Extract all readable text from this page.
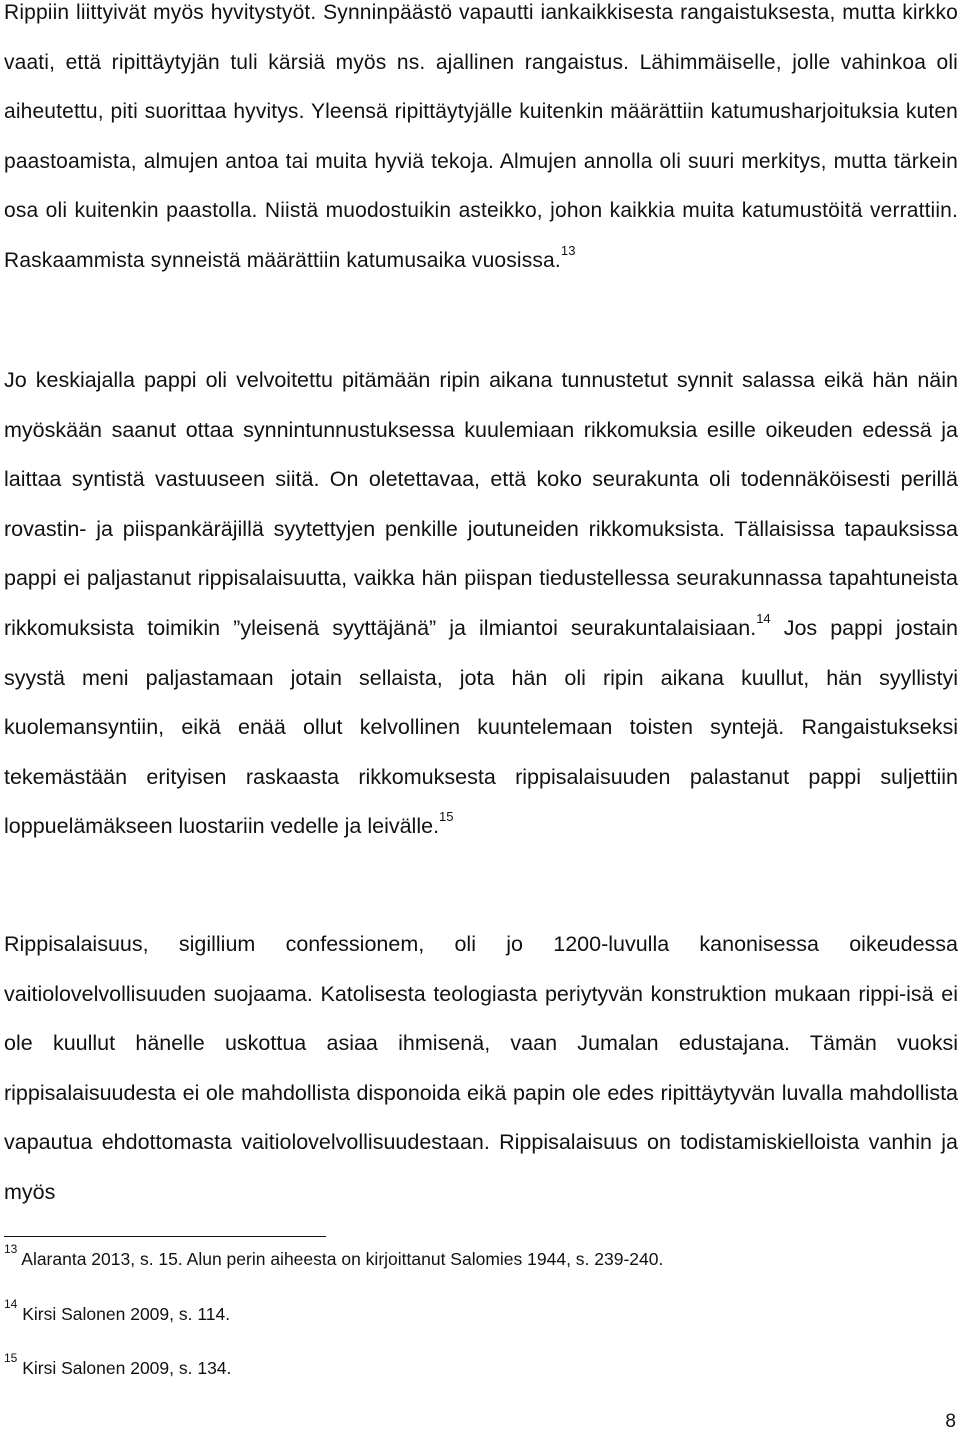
Rippiin liittyivät myös hyvitystyöt. Synninpäästö vapautti iankaikkisesta rangaistuksesta, mutta kirkko vaati, että ripittäytyjän tuli kärsiä myös ns. ajallinen rangaistus. Lähimmäiselle, jolle vahinkoa oli aiheutettu, piti suorittaa hyvitys. Yleensä ripittäytyjälle kuitenkin määrättiin katumusharjoituksia kuten paastoamista, almujen antoa tai muita hyviä tekoja. Almujen annolla oli suuri merkitys, mutta tärkein osa oli kuitenkin paastolla. Niistä muodostuikin asteikko, johon kaikkia muita katumustöitä verrattiin. Raskaammista synneistä määrättiin katumusaika vuosissa.$^{13}$

Jo keskiajalla pappi oli velvoitettu pitämään ripin aikana tunnustetut synnit salassa eikä hän näin myöskään saanut ottaa synnintunnustuksessa kuulemiaan rikkomuksia esille oikeuden edessä ja laittaa syntistä vastuuseen siitä. On oletettavaa, että koko seurakunta oli todennäköisesti perillä rovastin- ja piispankäräjillä syytettyjen penkille joutuneiden rikkomuksista. Tällaisissa tapauksissa pappi ei paljastanut rippisalaisuutta, vaikka hän piispan tiedustellessa seurakunnassa tapahtuneista rikkomuksista toimikin ”yleisenä syyttäjänä” ja ilmiantoi seurakuntalaisiaan.$^{14}$ Jos pappi jostain syystä meni paljastamaan jotain sellaista, jota hän oli ripin aikana kuullut, hän syyllistyi kuolemansyntiin, eikä enää ollut kelvollinen kuuntelemaan toisten syntejä. Rangaistukseksi tekemästään erityisen raskaasta rikkomuksesta rippisalaisuuden palastanut pappi suljettiin loppuelämäkseen luostariin vedelle ja leivälle.$^{15}$

Rippisalaisuus, sigillium confessionem, oli jo 1200-luvulla kanonisessa oikeudessa vaitiolovelvollisuuden suojaama. Katolisesta teologiasta periytyvän konstruktion mukaan rippi-isä ei ole kuullut hänelle uskottua asiaa ihmisenä, vaan Jumalan edustajana. Tämän vuoksi rippisalaisuudesta ei ole mahdollista disponoida eikä papin ole edes ripittäytyvän luvalla mahdollista vapautua ehdottomasta vaitiolovelvollisuudestaan. Rippisalaisuus on todistamiskielloista vanhin ja myös

$^{13}$ Alaranta 2013, s. 15. Alun perin aiheesta on kirjoittanut Salomies 1944, s. 239-240.

$^{14}$ Kirsi Salonen 2009, s. 114.

$^{15}$ Kirsi Salonen 2009, s. 134.

8
